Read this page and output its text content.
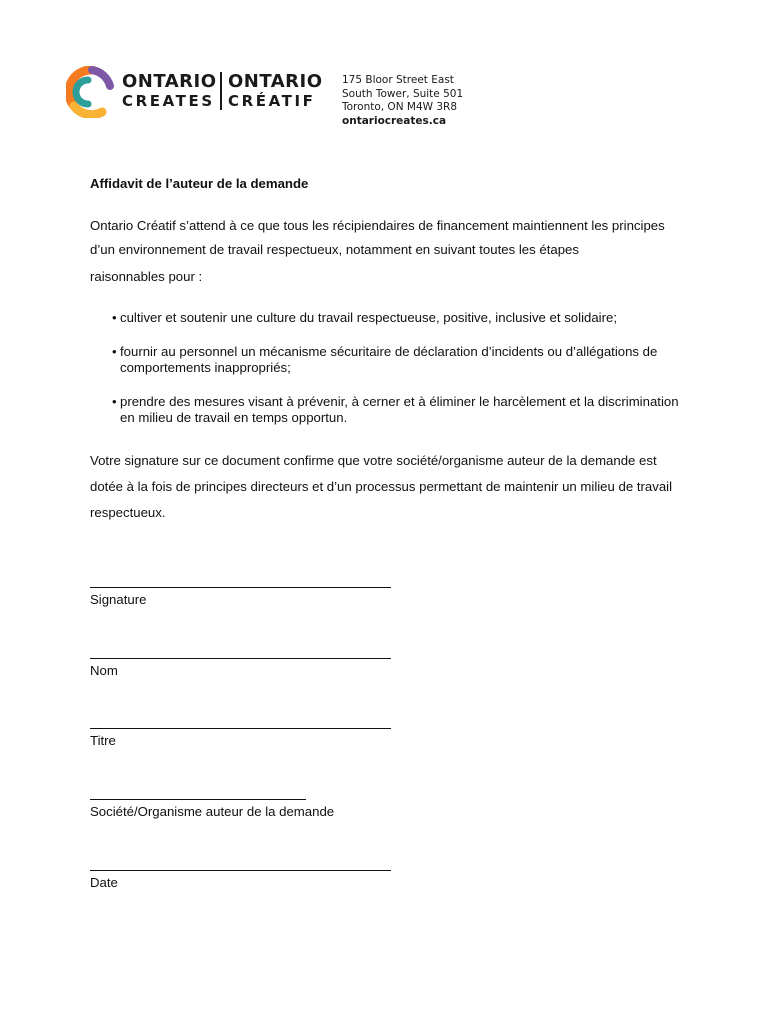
ONTARIO
CREATES
ONTARIO
CRÉATIF
175 Bloor Street East
South Tower, Suite 501
Toronto, ON M4W 3R8
ontariocreates.ca
Affidavit de l’auteur de la demande

Ontario Créatif s’attend à ce que tous les récipiendaires de financement maintiennent les principes

d’un environnement de travail respectueux, notamment en suivant toutes les étapes

raisonnables pour :

• cultiver et soutenir une culture du travail respectueuse, positive, inclusive et solidaire;
• fournir au personnel un mécanisme sécuritaire de déclaration d’incidents ou d’allégations de comportements inappropriés;
• prendre des mesures visant à prévenir, à cerner et à éliminer le harcèlement et la discrimination en milieu de travail en temps opportun.

Votre signature sur ce document confirme que votre société/organisme auteur de la demande est dotée à la fois de principes directeurs et d’un processus permettant de maintenir un milieu de travail respectueux.

Signature
Nom
Titre
Société/Organisme auteur de la demande
Date
